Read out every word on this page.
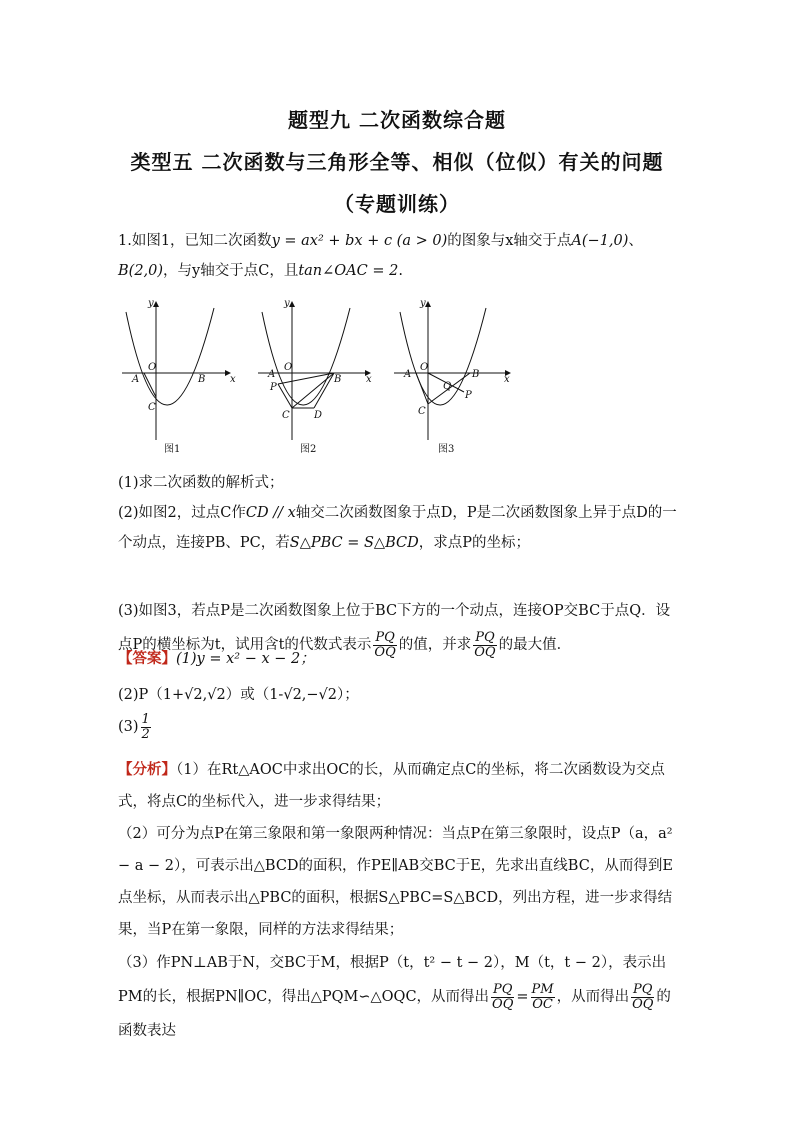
题型九 二次函数综合题
类型五 二次函数与三角形全等、相似（位似）有关的问题
（专题训练）

1.如图1，已知二次函数y = ax² + bx + c (a > 0)的图象与x轴交于点A(−1,0)、B(2,0)，与y轴交于点C，且tan∠OAC = 2.

A
O
B
C
x
y
图1
A
O
B
C D
P
x
y
图2
A
O
B
C
Q
P
x
y
图3

(1)求二次函数的解析式；

(2)如图2，过点C作CD // x轴交二次函数图象于点D，P是二次函数图象上异于点D的一个动点，连接PB、PC，若S△PBC = S△BCD，求点P的坐标；

(3)如图3，若点P是二次函数图象上位于BC下方的一个动点，连接OP交BC于点Q．设点P的横坐标为t，试用含t的代数式表示 $\frac{PQ}{OQ}$ 的值，并求 $\frac{PQ}{OQ}$ 的最大值．

【答案】(1)y = x² − x − 2；
(2)P（1+√2,√2）或（1-√2,−√2）；
$(3) \frac{1}{2}$
【分析】（1）在Rt△AOC中求出OC的长，从而确定点C的坐标，将二次函数设为交点式，将点C的坐标代入，进一步求得结果；
（2）可分为点P在第三象限和第一象限两种情况：当点P在第三象限时，设点P（a，a² − a − 2），可表示出△BCD的面积，作PE∥AB交BC于E，先求出直线BC，从而得到E点坐标，从而表示出△PBC的面积，根据S△PBC=S△BCD，列出方程，进一步求得结果，当P在第一象限，同样的方法求得结果；
（3）作PN⊥AB于N，交BC于M，根据P（t，t² − t − 2），M（t，t − 2），表示出PM的长，根据PN∥OC，得出△PQM∽△OQC，从而得出 $\frac{PQ}{OQ} = \frac{PM}{OC}$ ，从而得出 $\frac{PQ}{OQ}$ 的函数表达
